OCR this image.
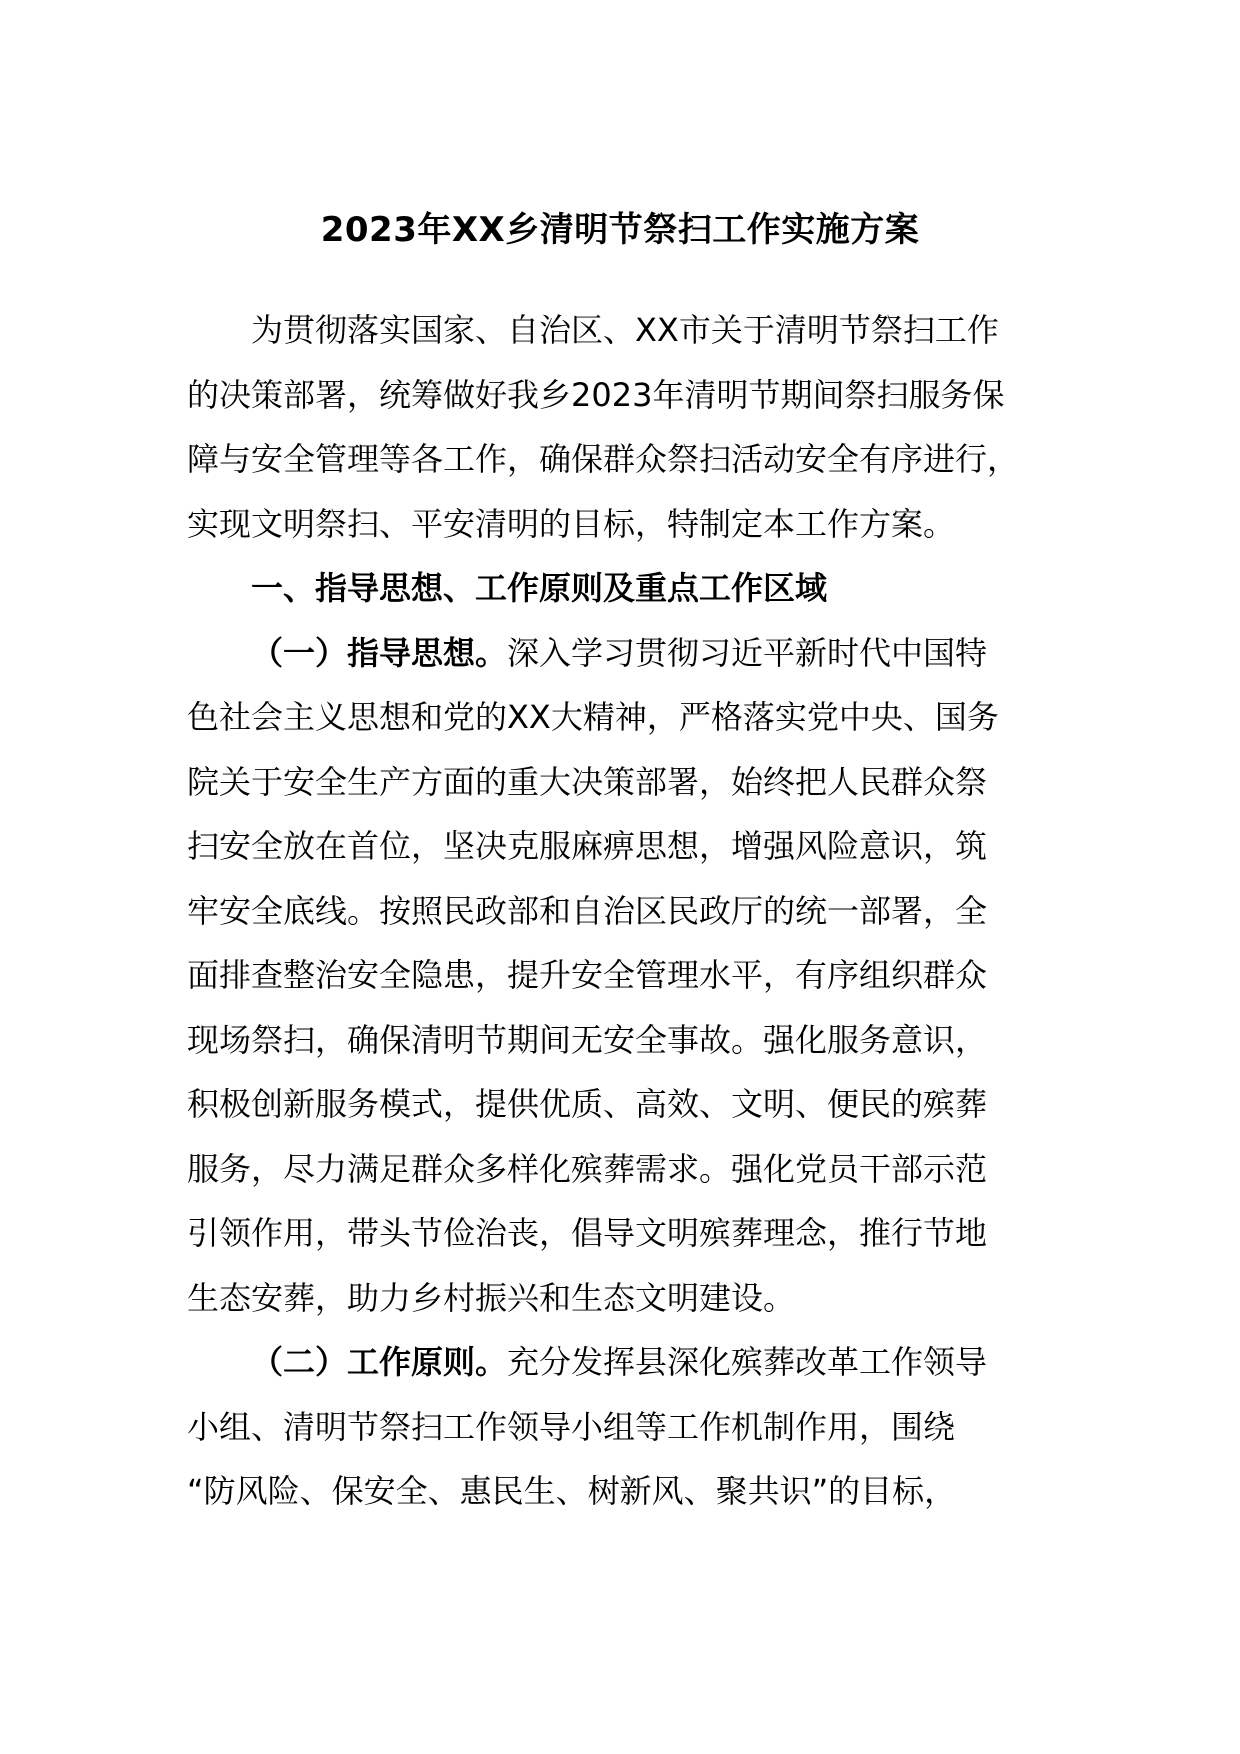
2023年XX乡清明节祭扫工作实施方案

为贯彻落实国家、自治区、XX市关于清明节祭扫工作
的决策部署，统筹做好我乡2023年清明节期间祭扫服务保
障与安全管理等各工作，确保群众祭扫活动安全有序进行，
实现文明祭扫、平安清明的目标，特制定本工作方案。

一、指导思想、工作原则及重点工作区域

（一）指导思想。深入学习贯彻习近平新时代中国特
色社会主义思想和党的XX大精神，严格落实党中央、国务
院关于安全生产方面的重大决策部署，始终把人民群众祭
扫安全放在首位，坚决克服麻痹思想，增强风险意识，筑
牢安全底线。按照民政部和自治区民政厅的统一部署，全
面排查整治安全隐患，提升安全管理水平，有序组织群众
现场祭扫，确保清明节期间无安全事故。强化服务意识，
积极创新服务模式，提供优质、高效、文明、便民的殡葬
服务，尽力满足群众多样化殡葬需求。强化党员干部示范
引领作用，带头节俭治丧，倡导文明殡葬理念，推行节地
生态安葬，助力乡村振兴和生态文明建设。

（二）工作原则。充分发挥县深化殡葬改革工作领导
小组、清明节祭扫工作领导小组等工作机制作用，围绕
“防风险、保安全、惠民生、树新风、聚共识”的目标，
